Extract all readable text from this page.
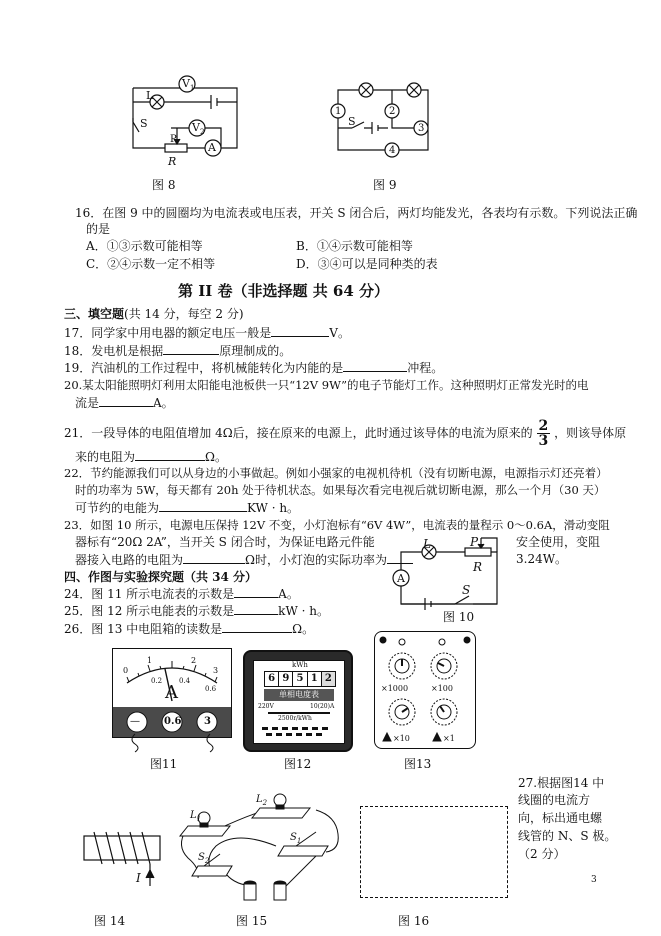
$V_1$
L
S	$V_2$
P
A
R
图 8
1	2
3
4
S
图 9
16．在图 9 中的圆圈均为电流表或电压表，开关 S 闭合后，两灯均能发光，各表均有示数。下列说法正确
的是
A．①③示数可能相等	B．①④示数可能相等
C．②④示数一定不相等	D．③④可以是同种类的表
第 II 卷（非选择题 共 64 分）
三、填空题(共 14 分，每空 2 分)
17．同学家中用电器的额定电压一般是	V。
18．发电机是根据	原理制成的。
19．汽油机的工作过程中，将机械能转化为内能的是	冲程。
20.某太阳能照明灯利用太阳能电池板供一只“12V 9W”的电子节能灯工作。这种照明灯正常发光时的电
流是	A。
21．一段导体的电阻值增加 4Ω后，接在原来的电源上，此时通过该导体的电流为原来的 $\frac{2}{3}$ ，则该导体原
来的电阻为	Ω。
22．节约能源我们可以从身边的小事做起。例如小强家的电视机待机（没有切断电源，电源指示灯还亮着）
时的功率为 5W，每天都有 20h 处于待机状态。如果每次看完电视后就切断电源，那么一个月（30 天）
可节约的电能为	KW · h。
23．如图 10 所示，电源电压保持 12V 不变，小灯泡标有“6V 4W”，电流表的量程示 0～0.6A，滑动变阻
器标有“20Ω 2A”，当开关 S 闭合时，为保证电路元件能	安全使用，变阻
器接入电路的电阻为	Ω时，小灯泡的实际功率为	3.24W。
L	P
R
A
S
图 10
四、作图与实验探究题（共 34 分）
24．图 11 所示电流表的示数是	A。
25．图 12 所示电能表的示数是	kW · h。
26．图 13 中电阻箱的读数是	Ω。
0
1	2
3
0.2 0.4
0.6
A
— 0.6 3
图11
kWh
6 9 5 1 2
单相电度表
220V	10(20)A
2500r/kWh
图12
×1000	×100
×10	×1
图13
27.根据图14 中
线圈的电流方
向，标出通电螺
线管的 N、S 极。
（2 分）
I
图 14
$L_1$
$L_2$
$S_1$
$S_2$
图 15	图 16
3
